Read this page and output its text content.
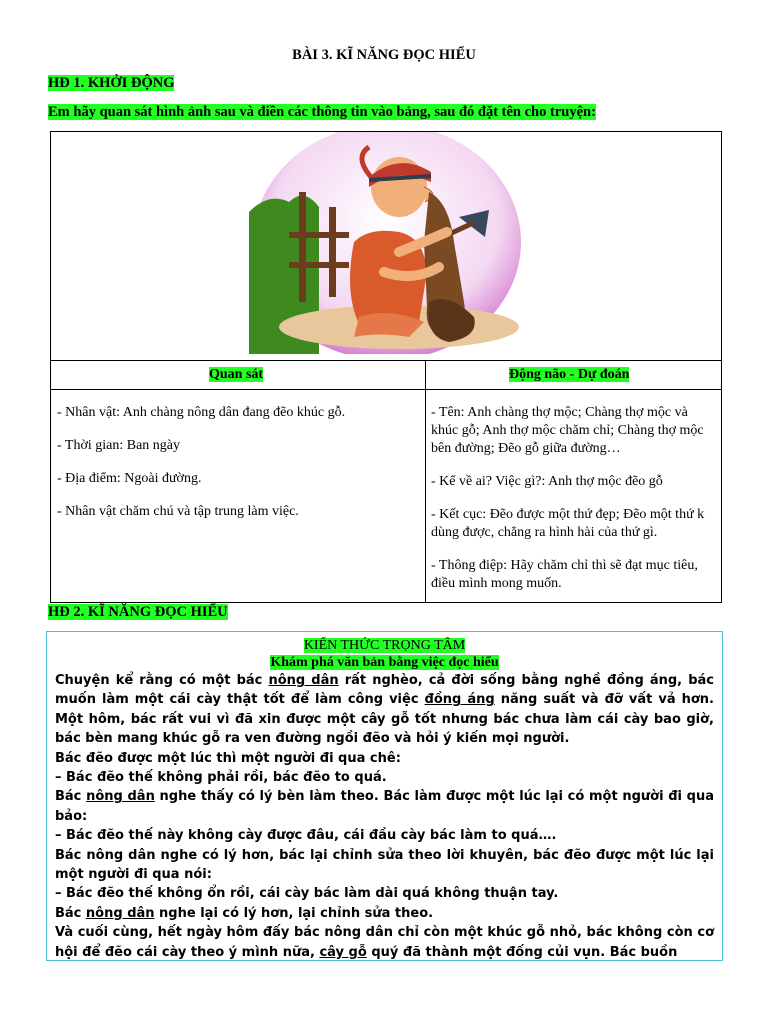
BÀI 3. KĨ NĂNG ĐỌC HIỂU
HĐ 1. KHỞI ĐỘNG
Em hãy quan sát hình ảnh sau và điền các thông tin vào bảng, sau đó đặt tên cho truyện:
Quan sát	Động não - Dự đoán

- Nhân vật: Anh chàng nông dân đang đẽo khúc gỗ.

- Thời gian: Ban ngày

- Địa điểm: Ngoài đường.

- Nhân vật chăm chú và tập trung làm việc.

- Tên: Anh chàng thợ mộc; Chàng thợ mộc và khúc gỗ; Anh thợ mộc chăm chỉ; Chàng thợ mộc bên đường; Đẽo gỗ giữa đường…

- Kể về ai? Việc gì?: Anh thợ mộc đẽo gỗ

- Kết cục: Đẽo được một thứ đẹp; Đẽo một thứ k dùng được, chẳng ra hình hài của thứ gì.

- Thông điệp: Hãy chăm chỉ thì sẽ đạt mục tiêu, điều mình mong muốn.

HĐ 2. KĨ NĂNG ĐỌC HIỂU
KIẾN THỨC TRỌNG TÂM
Khám phá văn bản bằng việc đọc hiểu

Chuyện kể rằng có một bác nông dân rất nghèo, cả đời sống bằng nghề đồng áng, bác muốn làm một cái cày thật tốt để làm công việc đồng áng năng suất và đỡ vất vả hơn. Một hôm, bác rất vui vì đã xin được một cây gỗ tốt nhưng bác chưa làm cái cày bao giờ, bác bèn mang khúc gỗ ra ven đường ngồi đẽo và hỏi ý kiến mọi người.

Bác đẽo được một lúc thì một người đi qua chê:

– Bác đẽo thế không phải rồi, bác đẽo to quá.

Bác nông dân nghe thấy có lý bèn làm theo. Bác làm được một lúc lại có một người đi qua bảo:

– Bác đẽo thế này không cày được đâu, cái đầu cày bác làm to quá….

Bác nông dân nghe có lý hơn, bác lại chỉnh sửa theo lời khuyên, bác đẽo được một lúc lại một người đi qua nói:

– Bác đẽo thế không ổn rồi, cái cày bác làm dài quá không thuận tay.

Bác nông dân nghe lại có lý hơn, lại chỉnh sửa theo.

Và cuối cùng, hết ngày hôm đấy bác nông dân chỉ còn một khúc gỗ nhỏ, bác không còn cơ hội để đẽo cái cày theo ý mình nữa, cây gỗ quý đã thành một đống củi vụn. Bác buồn
